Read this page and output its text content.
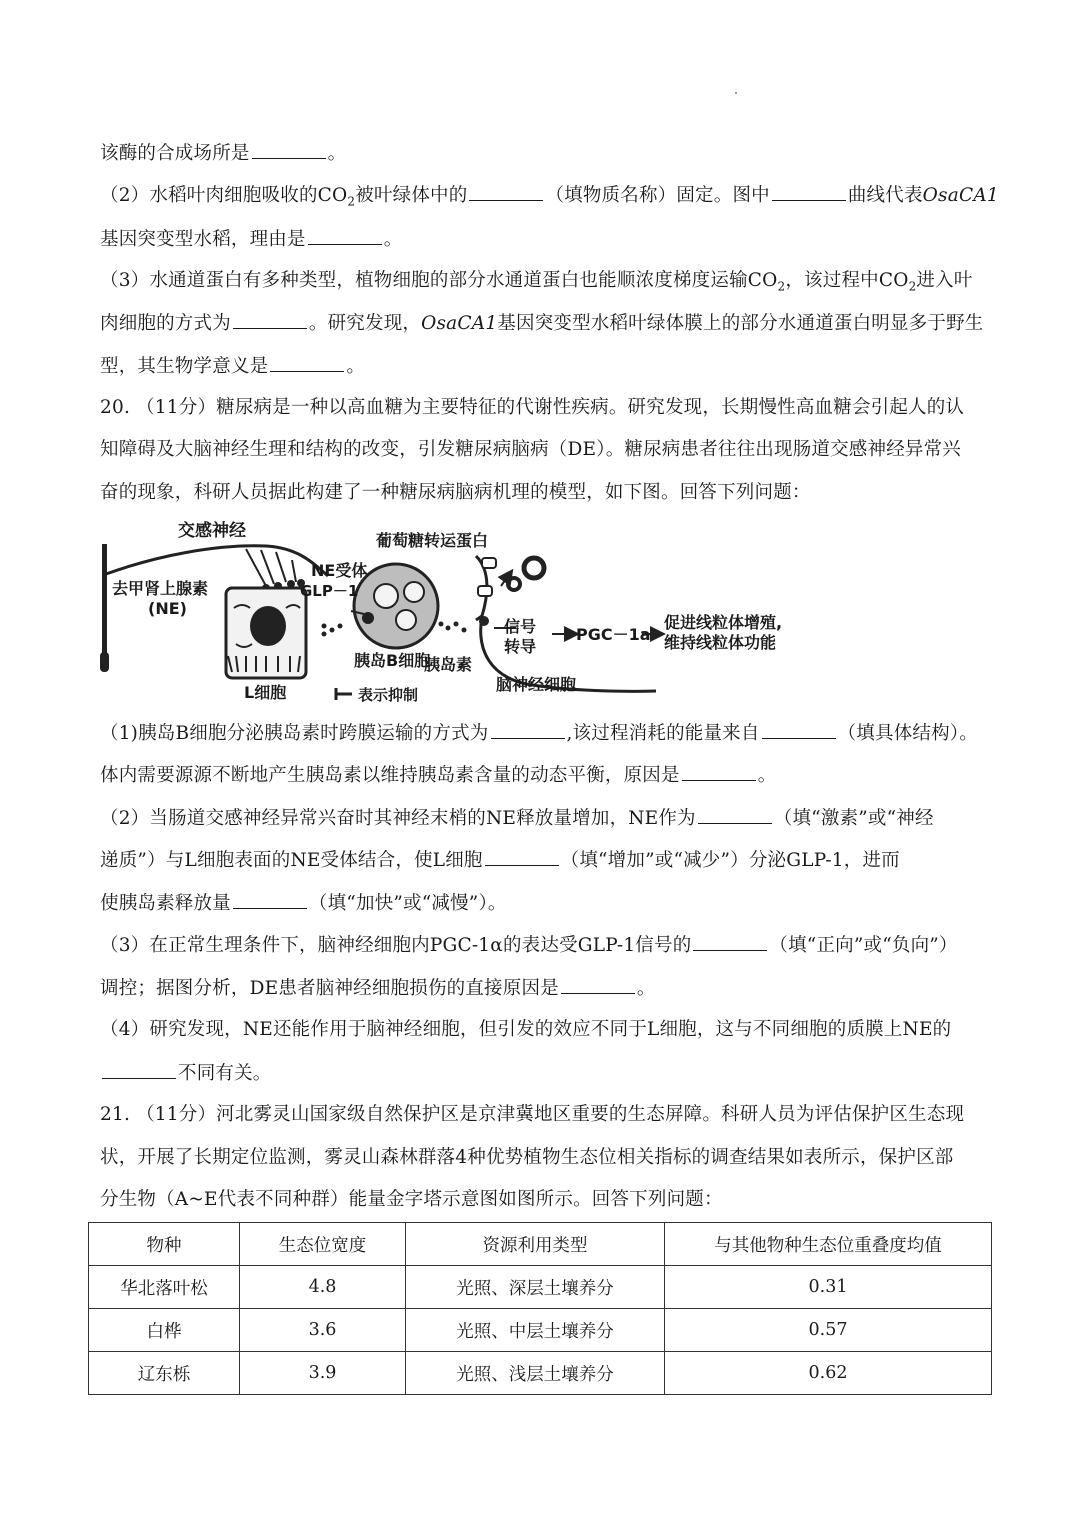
该酶的合成场所是	。
（2）水稻叶肉细胞吸收的$CO_2$被叶绿体中的	（填物质名称）固定。图中	曲线代表OsaCA1
基因突变型水稻，理由是	。
（3）水通道蛋白有多种类型，植物细胞的部分水通道蛋白也能顺浓度梯度运输$CO_2$，该过程中$CO_2$进入叶
肉细胞的方式为	。研究发现，OsaCA1基因突变型水稻叶绿体膜上的部分水通道蛋白明显多于野生
型，其生物学意义是	。
20. （11分）糖尿病是一种以高血糖为主要特征的代谢性疾病。研究发现，长期慢性高血糖会引起人的认
知障碍及大脑神经生理和结构的改变，引发糖尿病脑病（DE）。糖尿病患者往往出现肠道交感神经异常兴
奋的现象，科研人员据此构建了一种糖尿病脑病机理的模型，如下图。回答下列问题：
交感神经
NE受体
葡萄糖转运蛋白
去甲肾上腺素
(NE)
GLP－1
信号
转导
PGC－1a
促进线粒体增殖,
维持线粒体功能
胰岛B细胞
胰岛素
L细胞	表示抑制
脑神经细胞
（1)胰岛B细胞分泌胰岛素时跨膜运输的方式为	,该过程消耗的能量来自	（填具体结构）。
体内需要源源不断地产生胰岛素以维持胰岛素含量的动态平衡，原因是	。
（2）当肠道交感神经异常兴奋时其神经末梢的NE释放量增加，NE作为	（填“激素”或“神经
递质”）与L细胞表面的NE受体结合，使L细胞	（填“增加”或“减少”）分泌GLP-1，进而
使胰岛素释放量	（填“加快”或“减慢”）。
（3）在正常生理条件下，脑神经细胞内PGC-1α的表达受GLP-1信号的	（填“正向”或“负向”）
调控；据图分析，DE患者脑神经细胞损伤的直接原因是	。
（4）研究发现，NE还能作用于脑神经细胞，但引发的效应不同于L细胞，这与不同细胞的质膜上NE的
不同有关。
21. （11分）河北雾灵山国家级自然保护区是京津冀地区重要的生态屏障。科研人员为评估保护区生态现
状，开展了长期定位监测，雾灵山森林群落4种优势植物生态位相关指标的调查结果如表所示，保护区部
分生物（A~E代表不同种群）能量金字塔示意图如图所示。回答下列问题：
物种	生态位宽度	资源利用类型	与其他物种生态位重叠度均值
华北落叶松	4.8	光照、深层土壤养分	0.31
白桦	3.6	光照、中层土壤养分	0.57
辽东栎	3.9	光照、浅层土壤养分	0.62
